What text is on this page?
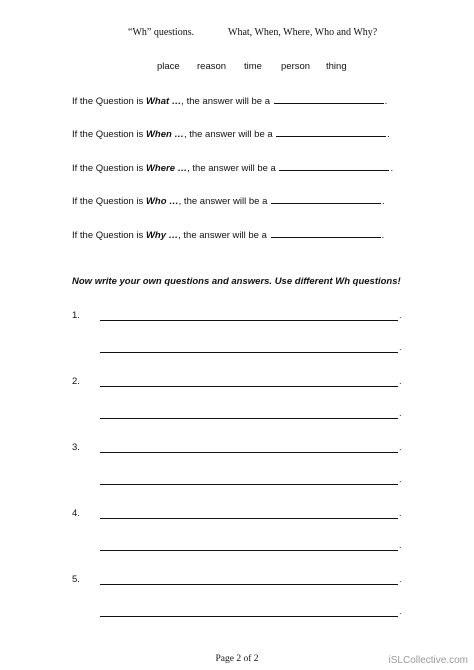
“Wh” questions.	What, When, Where, Who and Why?
place reason time person thing
If the Question is What …, the answer will be a	.
If the Question is When …, the answer will be a	.
If the Question is Where …, the answer will be a	.
If the Question is Who …, the answer will be a	.
If the Question is Why …, the answer will be a	.
Now write your own questions and answers. Use different Wh questions!
1.	.
.
2.	.
.
3.	.
.
4.	.
.
5.	.
.
Page 2 of 2	iSLCollective.com
